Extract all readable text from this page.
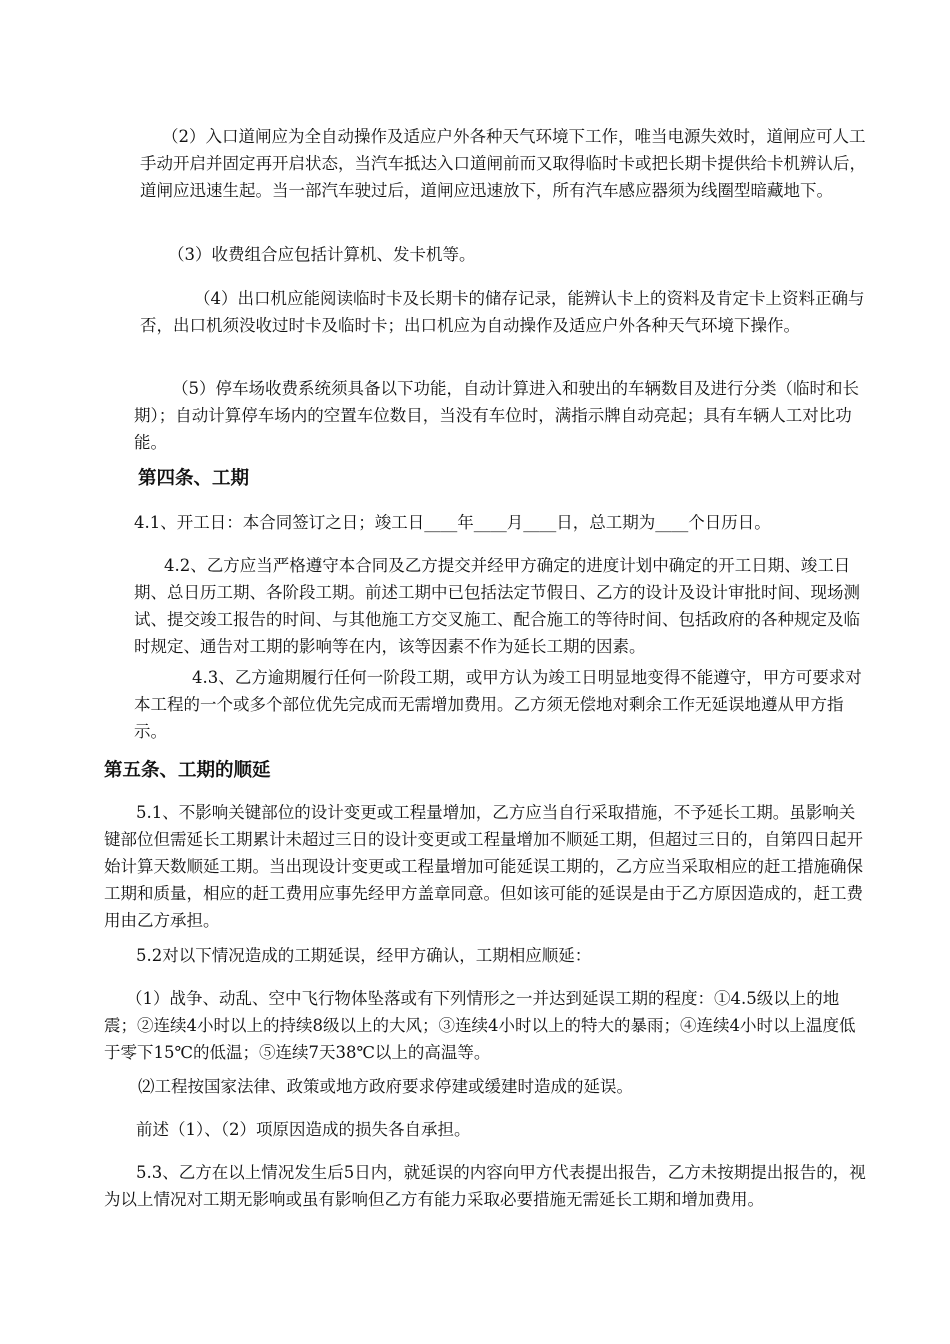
（2）入口道闸应为全自动操作及适应户外各种天气环境下工作，唯当电源失效时，道闸应可人工手动开启并固定再开启状态，当汽车抵达入口道闸前而又取得临时卡或把长期卡提供给卡机辨认后，道闸应迅速生起。当一部汽车驶过后，道闸应迅速放下，所有汽车感应器须为线圈型暗藏地下。

（3）收费组合应包括计算机、发卡机等。

（4）出口机应能阅读临时卡及长期卡的储存记录，能辨认卡上的资料及肯定卡上资料正确与否，出口机须没收过时卡及临时卡；出口机应为自动操作及适应户外各种天气环境下操作。

（5）停车场收费系统须具备以下功能，自动计算进入和驶出的车辆数目及进行分类（临时和长期）；自动计算停车场内的空置车位数目，当没有车位时，满指示牌自动亮起；具有车辆人工对比功能。

第四条、工期

4.1、开工日：本合同签订之日；竣工日____年____月____日，总工期为____个日历日。

4.2、乙方应当严格遵守本合同及乙方提交并经甲方确定的进度计划中确定的开工日期、竣工日期、总日历工期、各阶段工期。前述工期中已包括法定节假日、乙方的设计及设计审批时间、现场测试、提交竣工报告的时间、与其他施工方交叉施工、配合施工的等待时间、包括政府的各种规定及临时规定、通告对工期的影响等在内，该等因素不作为延长工期的因素。

4.3、乙方逾期履行任何一阶段工期，或甲方认为竣工日明显地变得不能遵守，甲方可要求对本工程的一个或多个部位优先完成而无需增加费用。乙方须无偿地对剩余工作无延误地遵从甲方指示。

第五条、工期的顺延

5.1、不影响关键部位的设计变更或工程量增加，乙方应当自行采取措施，不予延长工期。虽影响关键部位但需延长工期累计未超过三日的设计变更或工程量增加不顺延工期，但超过三日的，自第四日起开始计算天数顺延工期。当出现设计变更或工程量增加可能延误工期的，乙方应当采取相应的赶工措施确保工期和质量，相应的赶工费用应事先经甲方盖章同意。但如该可能的延误是由于乙方原因造成的，赶工费用由乙方承担。

5.2对以下情况造成的工期延误，经甲方确认，工期相应顺延：

（1）战争、动乱、空中飞行物体坠落或有下列情形之一并达到延误工期的程度：①4.5级以上的地震；②连续4小时以上的持续8级以上的大风；③连续4小时以上的特大的暴雨；④连续4小时以上温度低于零下15℃的低温；⑤连续7天38℃以上的高温等。

⑵工程按国家法律、政策或地方政府要求停建或缓建时造成的延误。

前述（1）、（2）项原因造成的损失各自承担。

5.3、乙方在以上情况发生后5日内，就延误的内容向甲方代表提出报告，乙方未按期提出报告的，视为以上情况对工期无影响或虽有影响但乙方有能力采取必要措施无需延长工期和增加费用。
